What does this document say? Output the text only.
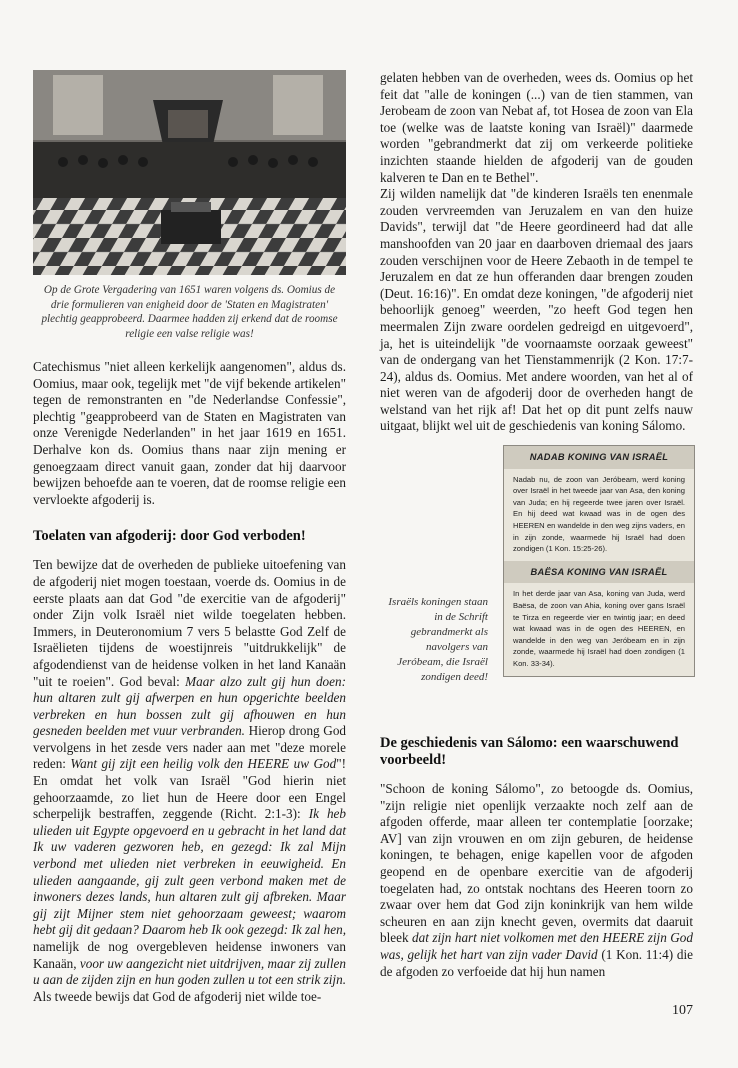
Op de Grote Vergadering van 1651 waren volgens ds. Oomius de drie formulieren van enigheid door de 'Staten en Magistraten' plechtig geapprobeerd. Daarmee hadden zij erkend dat de roomse religie een valse religie was!

Catechismus "niet alleen kerkelijk aangenomen", aldus ds. Oomius, maar ook, tegelijk met "de vijf bekende artikelen" tegen de remonstranten en "de Nederlandse Confessie", plechtig "geapprobeerd van de Staten en Magistraten van onze Verenigde Nederlanden" in het jaar 1619 en 1651. Derhalve kon ds. Oomius thans naar zijn mening er genoegzaam direct vanuit gaan, zonder dat hij daarvoor bewijzen behoefde aan te voeren, dat de roomse religie een vervloekte afgoderij is.

Toelaten van afgoderij: door God verboden!

Ten bewijze dat de overheden de publieke uitoefening van de afgoderij niet mogen toestaan, voerde ds. Oomius in de eerste plaats aan dat God "de exercitie van de afgoderij" onder Zijn volk Israël niet wilde toegelaten hebben. Immers, in Deuteronomium 7 vers 5 belastte God Zelf de Israëlieten tijdens de woestijnreis "uitdrukkelijk" de afgodendienst van de heidense volken in het land Kanaän "uit te roeien". God beval: Maar alzo zult gij hun doen: hun altaren zult gij afwerpen en hun opgerichte beelden verbreken en hun bossen zult gij afhouwen en hun gesneden beelden met vuur verbranden. Hierop drong God vervolgens in het zesde vers nader aan met "deze morele reden: Want gij zijt een heilig volk den HEERE uw God"! En omdat het volk van Israël "God hierin niet gehoorzaamde, zo liet hun de Heere door een Engel scherpelijk bestraffen, zeggende (Richt. 2:1-3): Ik heb ulieden uit Egypte opgevoerd en u gebracht in het land dat Ik uw vaderen gezworen heb, en gezegd: Ik zal Mijn verbond met ulieden niet verbreken in eeuwigheid. En ulieden aangaande, gij zult geen verbond maken met de inwoners dezes lands, hun altaren zult gij afbreken. Maar gij zijt Mijner stem niet gehoorzaam geweest; waarom hebt gij dit gedaan? Daarom heb Ik ook gezegd: Ik zal hen, namelijk de nog overgebleven heidense inwoners van Kanaän, voor uw aangezicht niet uitdrijven, maar zij zullen u aan de zijden zijn en hun goden zullen u tot een strik zijn. Als tweede bewijs dat God de afgoderij niet wilde toe-

gelaten hebben van de overheden, wees ds. Oomius op het feit dat "alle de koningen (...) van de tien stammen, van Jerobeam de zoon van Nebat af, tot Hosea de zoon van Ela toe (welke was de laatste koning van Israël)" daarmede worden "gebrandmerkt dat zij om verkeerde politieke inzichten staande hielden de afgoderij van de gouden kalveren te Dan en te Bethel".

Zij wilden namelijk dat "de kinderen Israëls ten enenmale zouden vervreemden van Jeruzalem en van den huize Davids", terwijl dat "de Heere geordineerd had dat alle manshoofden van 20 jaar en daarboven driemaal des jaars zouden verschijnen voor de Heere Zebaoth in de tempel te Jeruzalem en dat ze hun offeranden daar brengen zouden (Deut. 16:16)". En omdat deze koningen, "de afgoderij niet behoorlijk genoeg" weerden, "zo heeft God tegen hen meermalen Zijn zware oordelen gedreigd en uitgevoerd", ja, het is uiteindelijk "de voornaamste oorzaak geweest" van de ondergang van het Tienstammenrijk (2 Kon. 17:7-24), aldus ds. Oomius. Met andere woorden, van het al of niet weren van de afgoderij door de overheden hangt de welstand van het rijk af! Dat het op dit punt zelfs nauw uitgaat, blijkt wel uit de geschiedenis van koning Sálomo.

Israëls koningen staan in de Schrift gebrandmerkt als navolgers van Jeróbeam, die Israël zondigen deed!
NADAB KONING VAN ISRAËL
Nadab nu, de zoon van Jeróbeam, werd koning over Israël in het tweede jaar van Asa, den koning van Juda; en hij regeerde twee jaren over Israël. En hij deed wat kwaad was in de ogen des HEEREN en wandelde in den weg zijns vaders, en in zijn zonde, waarmede hij Israël had doen zondigen (1 Kon. 15:25-26).
BAËSA KONING VAN ISRAËL
In het derde jaar van Asa, koning van Juda, werd Baësa, de zoon van Ahia, koning over gans Israël te Tirza en regeerde vier en twintig jaar; en deed wat kwaad was in de ogen des HEEREN, en wandelde in den weg van Jeróbeam en in zijn zonde, waarmede hij Israël had doen zondigen (1 Kon. 33-34).
De geschiedenis van Sálomo: een waarschuwend voorbeeld!

"Schoon de koning Sálomo", zo betoogde ds. Oomius, "zijn religie niet openlijk verzaakte noch zelf aan de afgoden offerde, maar alleen ter contemplatie [oorzake; AV] van zijn vrouwen en om zijn geburen, de heidense koningen, te behagen, enige kapellen voor de afgoden geopend en de openbare exercitie van de afgoderij toegelaten had, zo ontstak nochtans des Heeren toorn zo zwaar over hem dat God zijn koninkrijk van hem wilde scheuren en aan zijn knecht geven, overmits dat daaruit bleek dat zijn hart niet volkomen met den HEERE zijn God was, gelijk het hart van zijn vader David (1 Kon. 11:4) die de afgoden zo verfoeide dat hij hun namen

107
